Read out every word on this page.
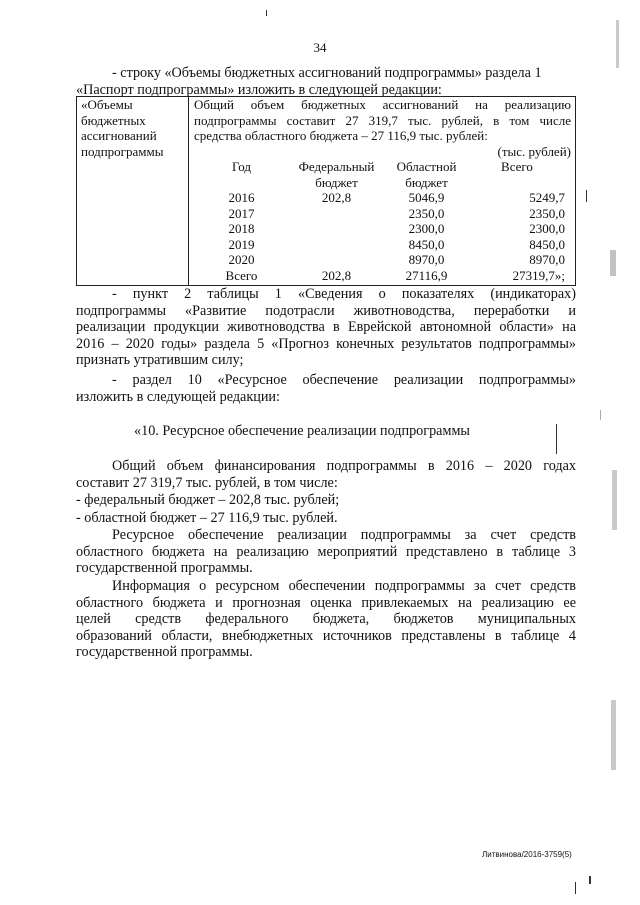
34
- строку «Объемы бюджетных ассигнований подпрограммы» раздела 1
«Паспорт подпрограммы» изложить в следующей редакции:
«Объемы
бюджетных
ассигнований
подпрограммы

Общий объем бюджетных ассигнований на реализацию
подпрограммы составит 27 319,7 тыс. рублей, в том числе
средства областного бюджета – 27 116,9 тыс. рублей:
(тыс. рублей)
Год	Федеральный бюджет	Областной бюджет	Всего
2016	202,8	5046,9	5249,7
2017		2350,0	2350,0
2018		2300,0	2300,0
2019		8450,0	8450,0
2020		8970,0	8970,0
Всего	202,8	27116,9	27319,7»;
- пункт 2 таблицы 1 «Сведения о показателях (индикаторах)
подпрограммы «Развитие подотрасли животноводства, переработки и
реализации продукции животноводства в Еврейской автономной области» на
2016 – 2020 годы» раздела 5 «Прогноз конечных результатов подпрограммы»
признать утратившим силу;
- раздел 10 «Ресурсное обеспечение реализации подпрограммы»
изложить в следующей редакции:
«10. Ресурсное обеспечение реализации подпрограммы
Общий объем финансирования подпрограммы в 2016 – 2020 годах
составит 27 319,7 тыс. рублей, в том числе:
- федеральный бюджет – 202,8 тыс. рублей;
- областной бюджет – 27 116,9 тыс. рублей.
Ресурсное обеспечение реализации подпрограммы за счет средств
областного бюджета на реализацию мероприятий представлено в таблице 3
государственной программы.
Информация о ресурсном обеспечении подпрограммы за счет средств
областного бюджета и прогнозная оценка привлекаемых на реализацию ее
целей средств федерального бюджета, бюджетов муниципальных
образований области, внебюджетных источников представлены в таблице 4
государственной программы.
Литвинова/2016-3759(5)
